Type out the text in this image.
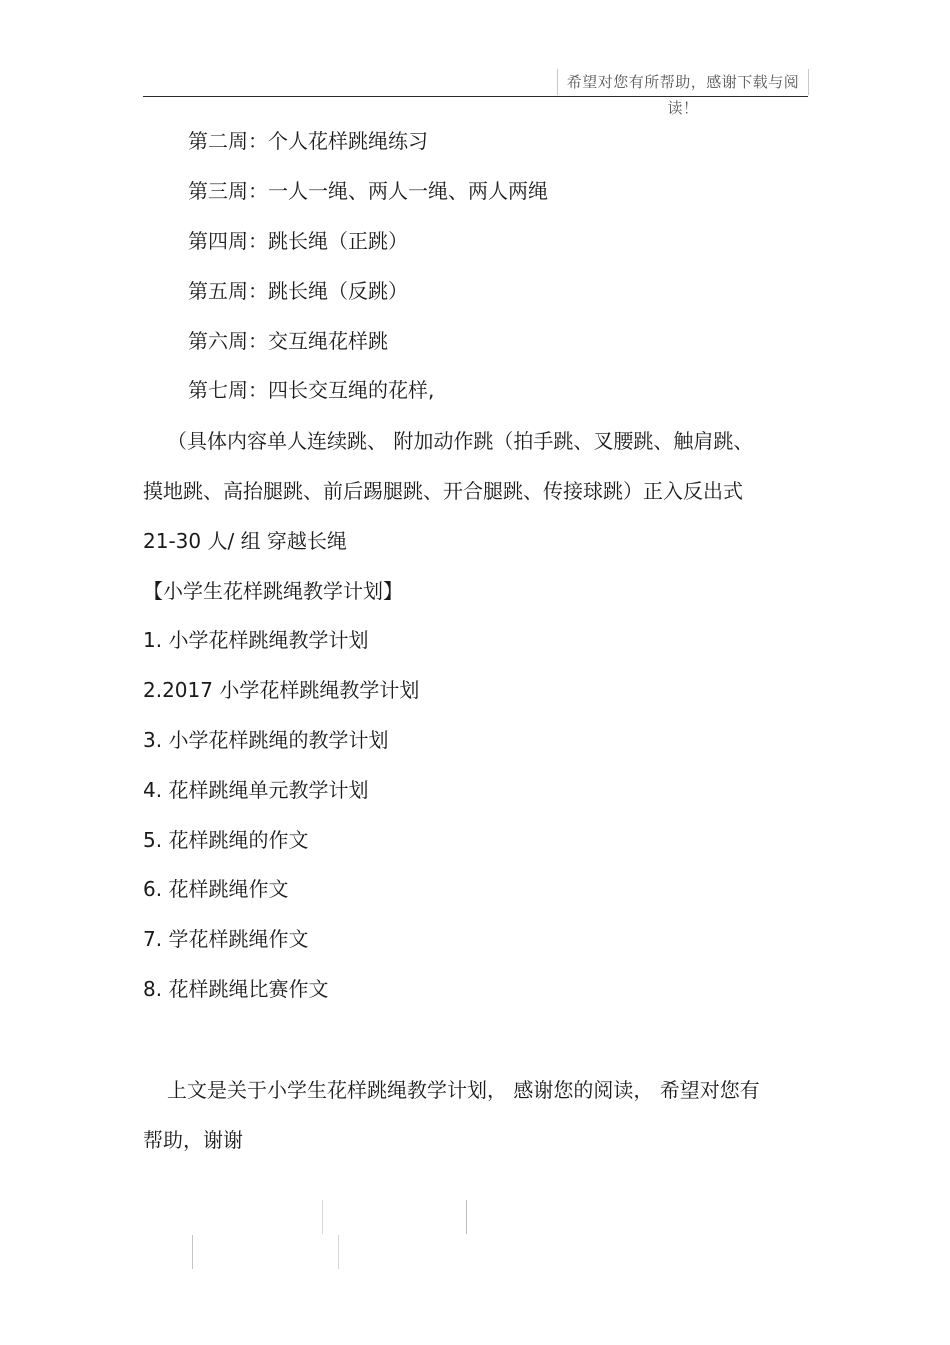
希望对您有所帮助，感谢下载与阅读！
第二周：个人花样跳绳练习
第三周：一人一绳、两人一绳、两人两绳
第四周：跳长绳（正跳）
第五周：跳长绳（反跳）
第六周：交互绳花样跳
第七周：四长交互绳的花样,
（具体内容单人连续跳、 附加动作跳（拍手跳、叉腰跳、触肩跳、
摸地跳、高抬腿跳、前后踢腿跳、开合腿跳、传接球跳）正入反出式
21-30 人/ 组 穿越长绳
【小学生花样跳绳教学计划】
1. 小学花样跳绳教学计划
2.2017 小学花样跳绳教学计划
3. 小学花样跳绳的教学计划
4. 花样跳绳单元教学计划
5. 花样跳绳的作文
6. 花样跳绳作文
7. 学花样跳绳作文
8. 花样跳绳比赛作文
上文是关于小学生花样跳绳教学计划， 感谢您的阅读， 希望对您有
帮助，谢谢
